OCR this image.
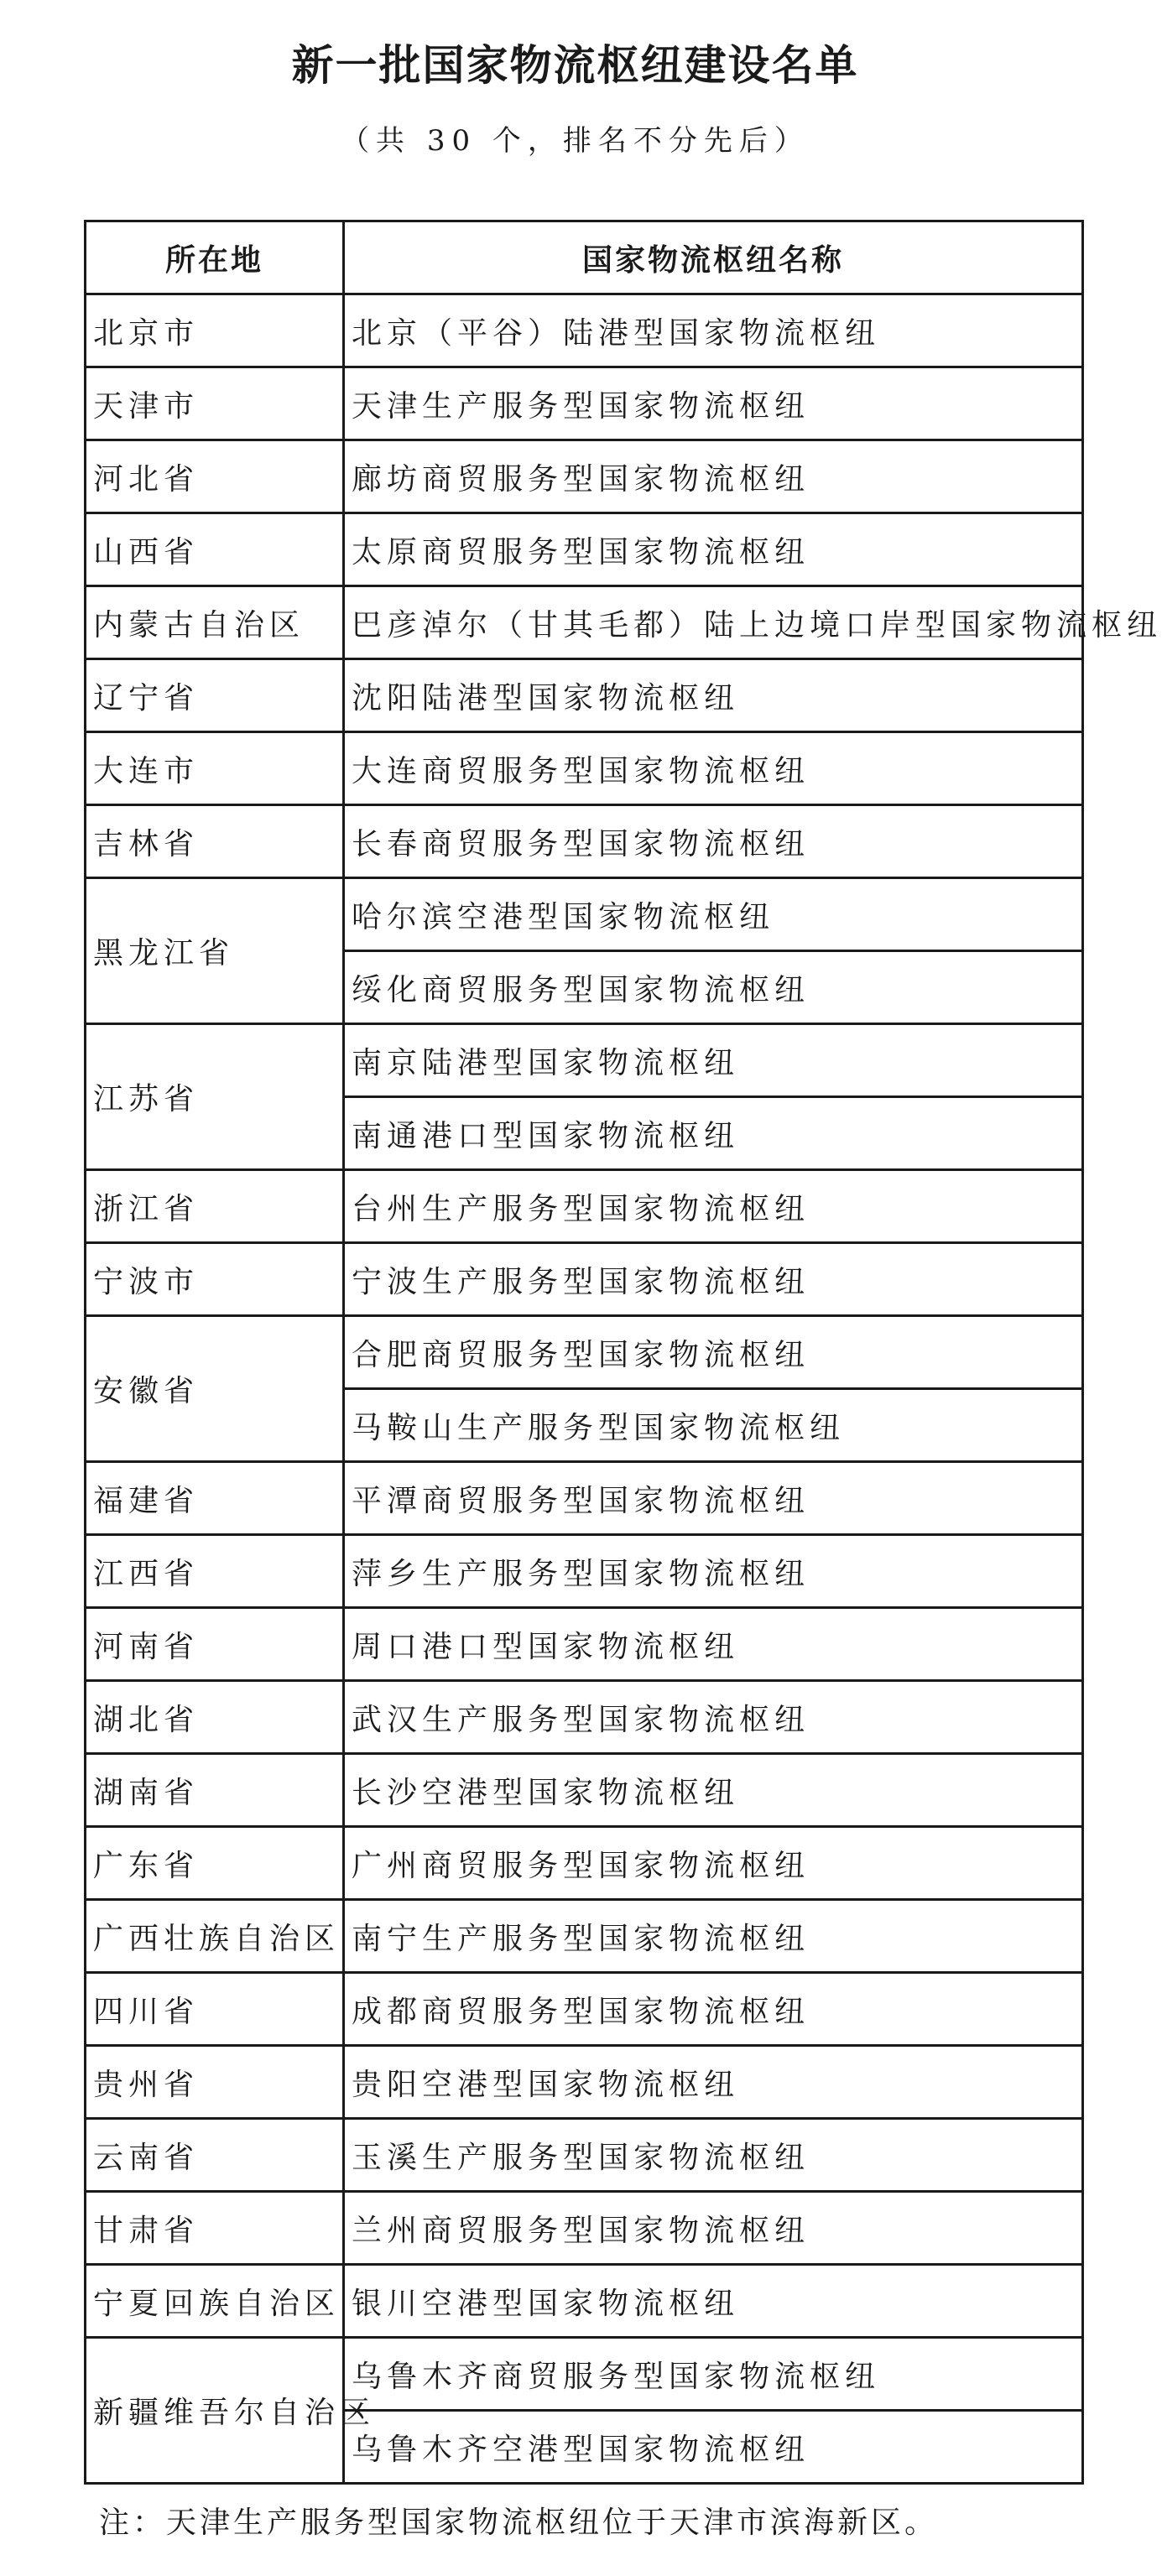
新一批国家物流枢纽建设名单
（共 30 个，排名不分先后）
所在地	国家物流枢纽名称
北京市	北京（平谷）陆港型国家物流枢纽
天津市	天津生产服务型国家物流枢纽
河北省	廊坊商贸服务型国家物流枢纽
山西省	太原商贸服务型国家物流枢纽
内蒙古自治区	巴彦淖尔（甘其毛都）陆上边境口岸型国家物流枢纽
辽宁省	沈阳陆港型国家物流枢纽
大连市	大连商贸服务型国家物流枢纽
吉林省	长春商贸服务型国家物流枢纽
黑龙江省	哈尔滨空港型国家物流枢纽
	绥化商贸服务型国家物流枢纽
江苏省	南京陆港型国家物流枢纽
	南通港口型国家物流枢纽
浙江省	台州生产服务型国家物流枢纽
宁波市	宁波生产服务型国家物流枢纽
安徽省	合肥商贸服务型国家物流枢纽
	马鞍山生产服务型国家物流枢纽
福建省	平潭商贸服务型国家物流枢纽
江西省	萍乡生产服务型国家物流枢纽
河南省	周口港口型国家物流枢纽
湖北省	武汉生产服务型国家物流枢纽
湖南省	长沙空港型国家物流枢纽
广东省	广州商贸服务型国家物流枢纽
广西壮族自治区	南宁生产服务型国家物流枢纽
四川省	成都商贸服务型国家物流枢纽
贵州省	贵阳空港型国家物流枢纽
云南省	玉溪生产服务型国家物流枢纽
甘肃省	兰州商贸服务型国家物流枢纽
宁夏回族自治区	银川空港型国家物流枢纽
新疆维吾尔自治区	乌鲁木齐商贸服务型国家物流枢纽
	乌鲁木齐空港型国家物流枢纽
注：天津生产服务型国家物流枢纽位于天津市滨海新区。
